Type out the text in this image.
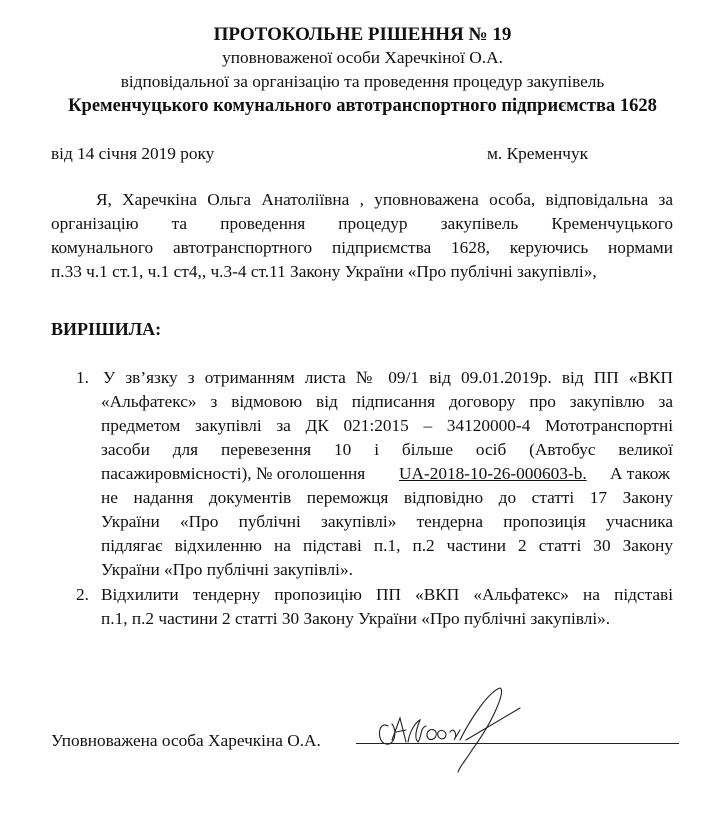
ПРОТОКОЛЬНЕ РІШЕННЯ № 19
уповноваженої особи Харечкіної О.А.
відповідальної за організацію та проведення процедур закупівель
Кременчуцького комунального автотранспортного підприємства 1628
від 14 січня 2019 року	м. Кременчук
Я, Харечкіна Ольга Анатоліївна , уповноважена особа, відповідальна за
організацію та проведення процедур закупівель Кременчуцького
комунального автотранспортного підприємства 1628, керуючись нормами
п.33 ч.1 ст.1, ч.1 ст4,, ч.3-4 ст.11 Закону України «Про публічні закупівлі»,
ВИРІШИЛА:
1. У зв’язку з отриманням листа № 09/1 від 09.01.2019р. від ПП «ВКП
«Альфатекс» з відмовою від підписання договору про закупівлю за
предметом закупівлі за ДК 021:2015 – 34120000-4 Мототранспортні
засоби для перевезення 10 і більше осіб (Автобус великої
пасажировмісності), № оголошення UA-2018-10-26-000603-b. А також
не надання документів переможця відповідно до статті 17 Закону
України «Про публічні закупівлі» тендерна пропозиція учасника
підлягає відхиленню на підставі п.1, п.2 частини 2 статті 30 Закону
України «Про публічні закупівлі».
2. Відхилити тендерну пропозицію ПП «ВКП «Альфатекс» на підставі
п.1, п.2 частини 2 статті 30 Закону України «Про публічні закупівлі».
Уповноважена особа Харечкіна О.А.
